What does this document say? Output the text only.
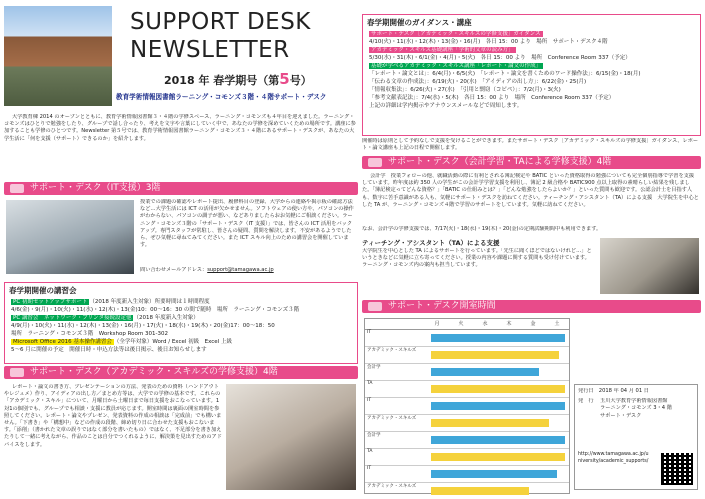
SUPPORT DESK
NEWSLETTER
2018 年 春学期号（第5号）
教育学術情報図書館ラーニング・コモンズ３階・４階サポート・デスク
大学教育棟 2014 のオープンとともに、教育学術情報図書館３・４階の学修スペース、ラーニング・コモンズも４年目を迎えました。ラーニング・コモンズはひとりで勉強をしたり、グループで話し合ったり、考えを文字や言葉にしていく中で、あなたの学修を深めていくための場所です。講座に参加することも学修のひとつです。Newsletter 第５号では、教育学術情報図書館ラーニング・コモンズ３・４階にあるサポート・デスクが、あなたの大学生活に「何を支援（サポート）できるのか」を紹介します。
サポート・デスク（IT支援）3階
授業での課題の確認やレポート提出、履修科目の登録、大学からの連絡や掲示板の確認方法など…大学生活には ICT の活用が欠かせません。ソフトウェアの使い方や、パソコンの操作がわからない、パソコンの調子が悪い、などありましたらおお気軽にご相談ください。ラーニング・コモンズ３階の「サポート・デスク（IT 支援）」では、皆さんの ICT 活用をバックアップ。専門スタッフが常駐し、皆さんの疑問、質問を解決します。不安があるようでしたら、ぜひ気軽に尋ねてみてください。また ICT スキル向上のための講習会を開催しています。
問い合わせメールアドレス：support@tamagawa.ac.jp
春学期開催の講習会
PC 初期セットアップサポート （2018 年度新入生対象）所要時間は１時間程度
4/6(金)・9(月)・10(火)・11(水)・12(木)・13(金)10：00～16：30 の間で随時　場所　ラーニング・コモンズ３階
PC 講習会　ネットワーク・プリンタ接続設定他 （2018 年度新入生対象）
4/9(月)・10(火)・11(水)・12(木)・13(金)・16(月)・17(火)・18(水)・19(木)・20(金)17：00～18：50
場所　ラーニング・コモンズ３階　Workshop Room 301-302
Microsoft Office 2016 基本操作講習会 （全学年対象）Word / Excel 初級　Excel 上級
5～6 月に開催の予定　開催日時・申込方法等は後日掲示、後日お知らせします
サポート・デスク（アカデミック・スキルズの学修支援）4階
レポート・論文の書き方、プレゼンテーションの方法、発表のための資料（ハンドアウトやレジュメ）作り、アイディアの出し方／まとめ方等は、大学での学修の基本です。これらの「アカデミック・スキル」について、月曜日から土曜日まで毎日支援をおこなっています。1対1の個別でも、グループでも相談・支援に教員が応じます。開室時間は裏面の開室時間を参照してください。レポート・論文やプレゼン、発表資料の作成の相談は「完成前」でも構いません。「下書き」や「構想中」などの作成の段階、締め切り日に合わせた支援もおこないます。「添削」（書かれた文章の誤りではなく部分を書いたもの）ではなく、不足部分を書き加えたりして一緒に考えながら、作品のことは自分でつくれるように、解決策を見出すためのアドバイスをします。
春学期開催のガイダンス・講座
サポート・デスク［アカデミック・スキルズの学修支援］ガイダンス
4/10(火)・11(水)・12(木)・13(金)・16(月)　各日 15：00 より　場所　サポート・デスク４階
アカデミック・スキルズ基礎講座「学術的文章の読み方」
5/30(水)・31(木)・6/1(金)・4(月)・5(火)　各日 15：00 より　場所　Conference Room 337（予定）
基礎が学べるアカデミック・スキルズ講座「レポート・論文の作成」
「レポート・論文とは」：6/4(月)・6/5(火)　「レポート・論文を書くためのワード操作法」：6/15(金)・18(月)
「伝わる文章の作成法」：6/19(火)・20(水)　「アイディアの出し方」：6/22(金)・25(月)
「情報収集法」：6/26(火)・27(水)　「引用と剽窃（コピペ）」：7/2(月)・3(火)
「参考文献表記法」：7/4(水)・5(木)　各日 15：00 より　場所　Conference Room 337（予定）
上記の詳細は学内掲示やアナウンスメールなどで周知します。
開催時は原則として予約なしで支援を受けることができます。またサポート・デスク［アカデミック・スキルズの学修支援］ガイダンス、レポート・論文講座も上記の日程で開催します。
サポート・デスク（会計学習・TAによる学修支援）4階
会計学　授業フォローの他、就職活動の際に有利とされる簿記検定や BATIC といった資格取得の勉強についても完全個別指導で学習を支援しています。昨年度は約 350 人の学生がこの会計学学習支援を利用し、簿記 2 級合格や BATIC900 点以上取得の素晴らしい結果を残しました。「簿記検定ってどんな資格？」「BATIC の仕組みとは？」「どんな勉強をしたらよいか？」といった質問も歓迎です。公認会計士を目指す人も、数字に苦手意識がある人も、気軽にサポート・デスクを訪ねてください。ティーチング・アシスタント（TA）による支援　大学院生を中心とした TA が、ラーニング・コモンズ４階で学習のサポートをしています。気軽に訪ねてください。
なお、会計学の学修支援では、7/17(火)・18(水)・19(木)・20(金)の定期試験期間中も利用できます。
ティーチング・アシスタント（TA）による支援
大学院生を中心とした TA によるサポートを行っています。「先生に聞くほどではないけれど…」というときなどに気軽に立ち寄ってください。授業の内容や課題に関する質問も受け付けています。ラーニング・コモンズ内の案内も担当しています。
サポート・デスク開室時間
月	火	水	木	金	土
IT
アカデミック・スキルズ
会計学
TA
IT
アカデミック・スキルズ
会計学
TA
IT
アカデミック・スキルズ
発行日　 2018 年 04 月 01 日
発　行	玉川大学教育学術情報図書館
ラーニング・コモンズ 3・4 階
サポート・デスク
http://www.tamagawa.ac.jp/university/academic_supports/
